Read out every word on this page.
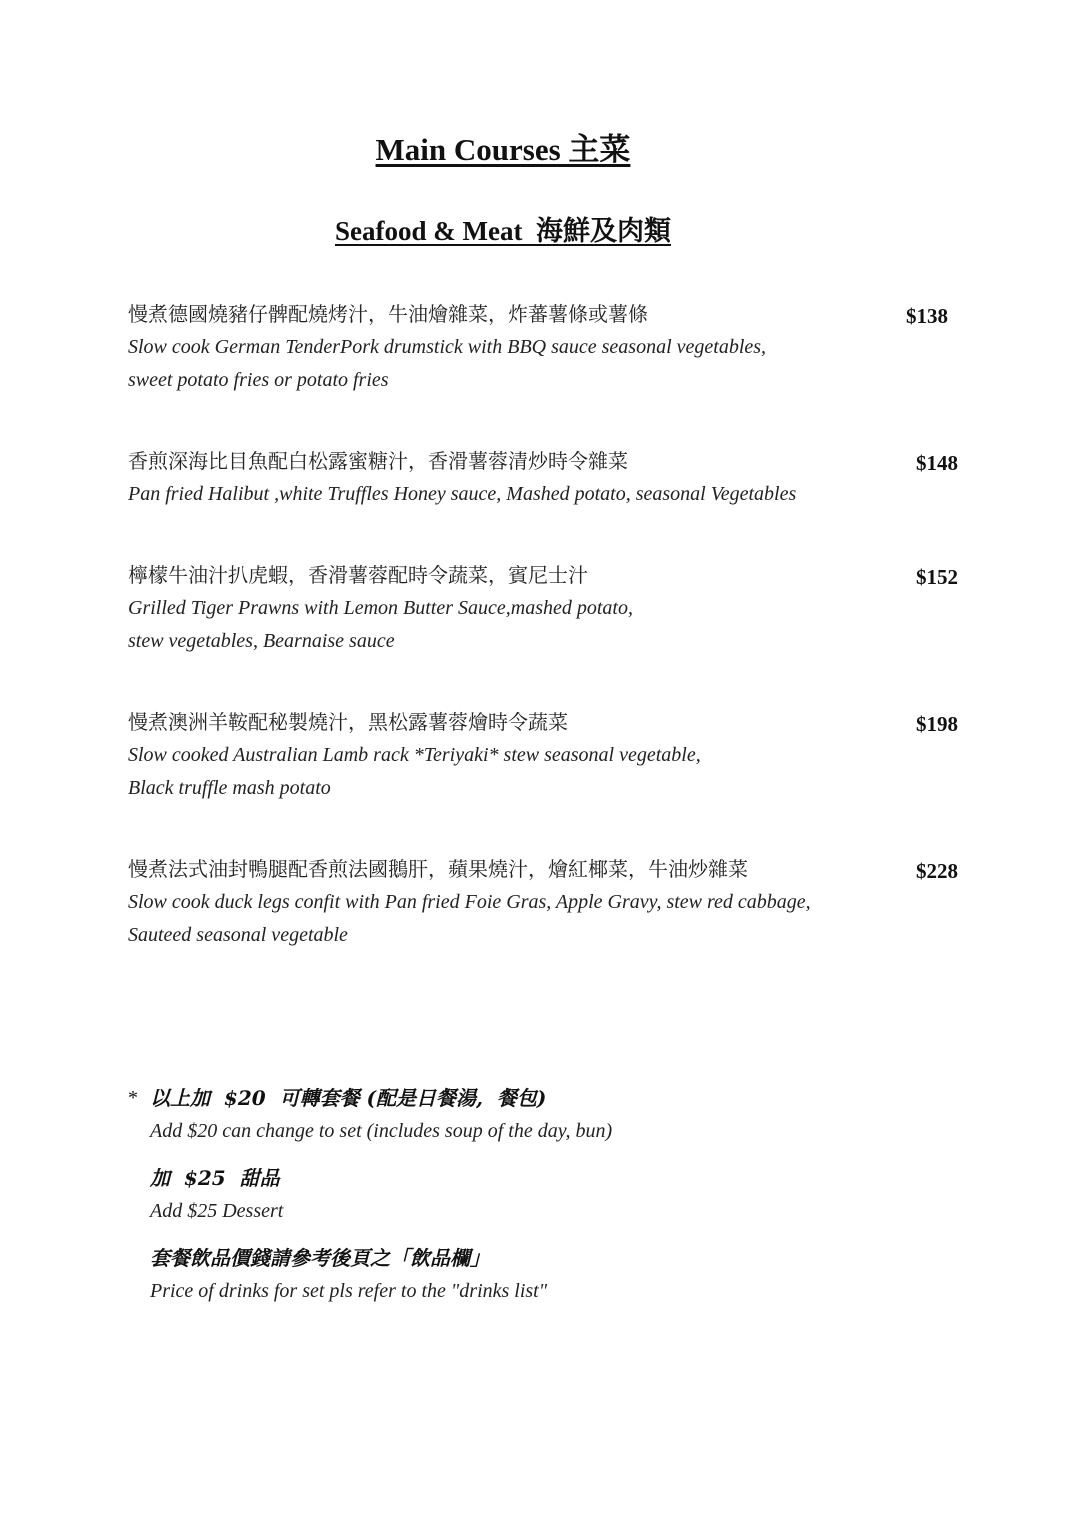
Main Courses 主菜
Seafood & Meat  海鮮及肉類
慢煮德國燒豬仔髀配燒烤汁，牛油燴雜菜，炸蕃薯條或薯條
Slow cook German TenderPork drumstick with BBQ sauce seasonal vegetables,
sweet potato fries or potato fries
$138
香煎深海比目魚配白松露蜜糖汁，香滑薯蓉清炒時令雜菜
Pan fried Halibut ,white Truffles Honey sauce, Mashed potato, seasonal Vegetables
$148
檸檬牛油汁扒虎蝦，香滑薯蓉配時令蔬菜，賓尼士汁
Grilled Tiger Prawns with Lemon Butter Sauce,mashed potato,
stew vegetables, Bearnaise sauce
$152
慢煮澳洲羊鞍配秘製燒汁，黑松露薯蓉燴時令蔬菜
Slow cooked Australian Lamb rack *Teriyaki* stew seasonal vegetable,
Black truffle mash potato
$198
慢煮法式油封鴨腿配香煎法國鵝肝，蘋果燒汁，燴紅椰菜，牛油炒雜菜
Slow cook duck legs confit with Pan fried Foie Gras, Apple Gravy, stew red cabbage,
Sauteed seasonal vegetable
$228
* 以上加  $20  可轉套餐 (配是日餐湯,  餐包)
Add $20 can change to set (includes soup of the day, bun)
加  $25  甜品
Add $25 Dessert
套餐飲品價錢請參考後頁之「飲品欄」
Price of drinks for set pls refer to the "drinks list"
